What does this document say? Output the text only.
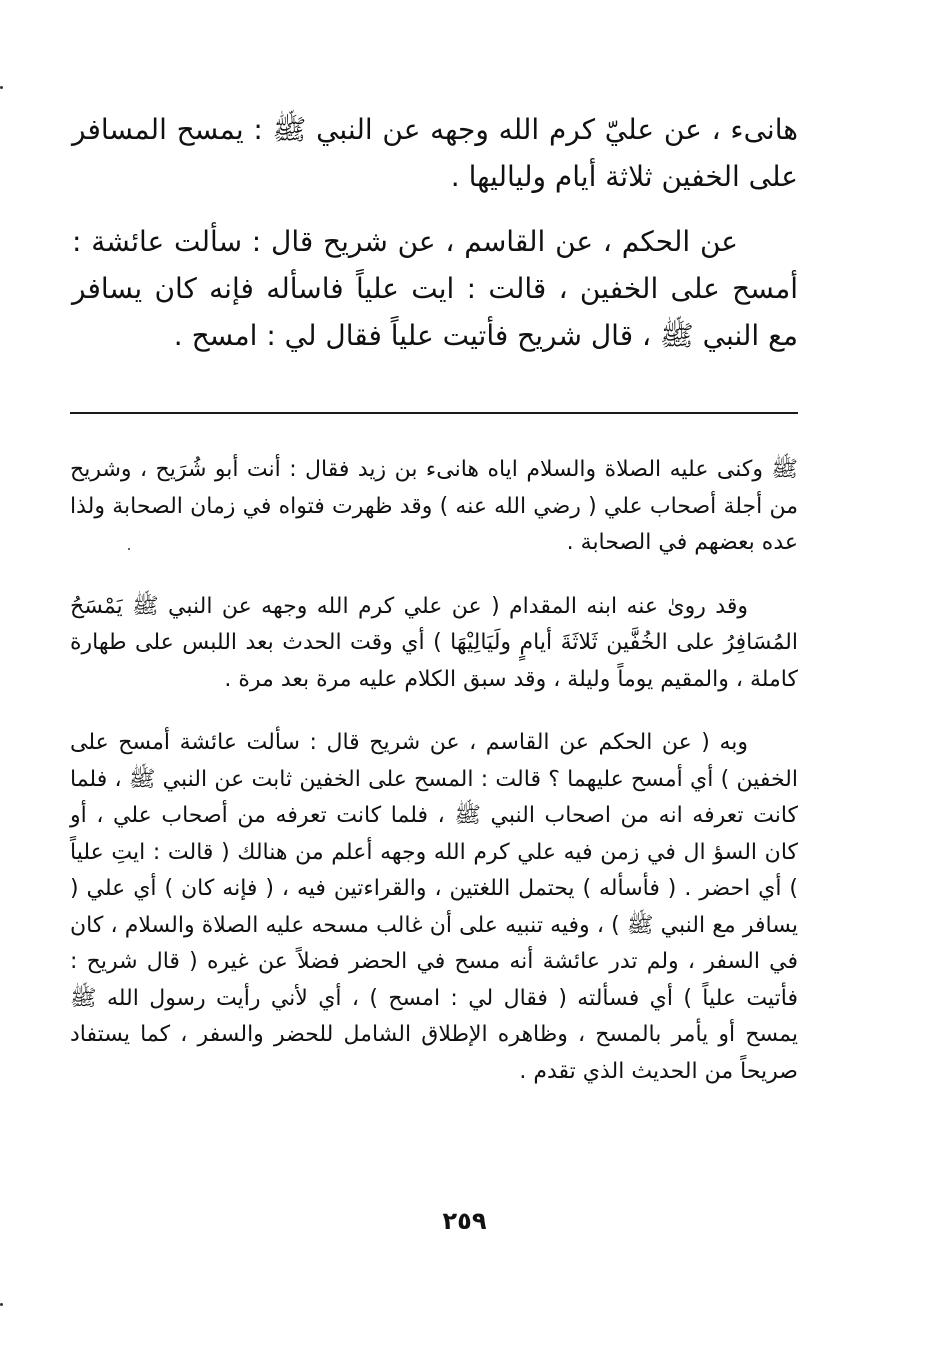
هانىء ، عن عليّ كرم الله وجهه عن النبي ﷺ : يمسح المسافر على الخفين ثلاثة أيام ولياليها .

عن الحكم ، عن القاسم ، عن شريح قال : سألت عائشة : أمسح على الخفين ، قالت : ايت علياً فاسأله فإنه كان يسافر مع النبي ﷺ ، قال شريح فأتيت علياً فقال لي : امسح .

ﷺ وكنى عليه الصلاة والسلام اياه هانىء بن زيد فقال : أنت أبو شُرَيح ، وشريح من أجلة أصحاب علي ( رضي الله عنه ) وقد ظهرت فتواه في زمان الصحابة ولذا عده بعضهم في الصحابة .

وقد روىٰ عنه ابنه المقدام ( عن علي كرم الله وجهه عن النبي ﷺ يَمْسَحُ المُسَافِرُ على الخُفَّين ثَلاثَةَ أيامٍ ولَيَالِيْهَا ) أي وقت الحدث بعد اللبس على طهارة كاملة ، والمقيم يوماً وليلة ، وقد سبق الكلام عليه مرة بعد مرة .

وبه ( عن الحكم عن القاسم ، عن شريح قال : سألت عائشة أمسح على الخفين ) أي أمسح عليهما ؟ قالت : المسح على الخفين ثابت عن النبي ﷺ ، فلما كانت تعرفه انه من اصحاب النبي ﷺ ، فلما كانت تعرفه من أصحاب علي ، أو كان السؤ ال في زمن فيه علي كرم الله وجهه أعلم من هنالك ( قالت : ايتِ علياً ) أي احضر . ( فأسأله ) يحتمل اللغتين ، والقراءتين فيه ، ( فإنه كان ) أي علي ( يسافر مع النبي ﷺ ) ، وفيه تنبيه على أن غالب مسحه عليه الصلاة والسلام ، كان في السفر ، ولم تدر عائشة أنه مسح في الحضر فضلاً عن غيره ( قال شريح : فأتيت علياً ) أي فسألته ( فقال لي : امسح ) ، أي لأني رأيت رسول الله ﷺ يمسح أو يأمر بالمسح ، وظاهره الإطلاق الشامل للحضر والسفر ، كما يستفاد صريحاً من الحديث الذي تقدم .

٢٥٩
